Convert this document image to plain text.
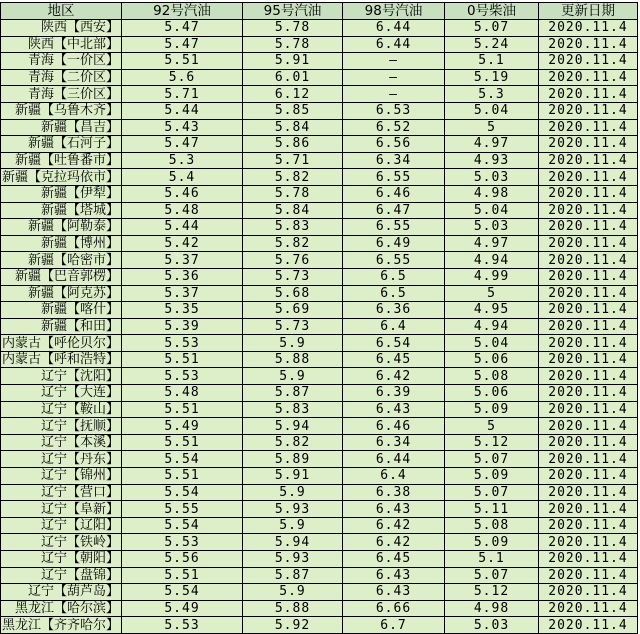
地区	92号汽油	95号汽油	98号汽油	0号柴油	更新日期
陕西【西安】	5.47	5.78	6.44	5.07	2020.11.4
陕西【中北部】	5.47	5.78	6.44	5.24	2020.11.4
青海【一价区】	5.51	5.91	—	5.1	2020.11.4
青海【二价区】	5.6	6.01	—	5.19	2020.11.4
青海【三价区】	5.71	6.12	—	5.3	2020.11.4
新疆【乌鲁木齐】	5.44	5.85	6.53	5.04	2020.11.4
新疆【昌吉】	5.43	5.84	6.52	5	2020.11.4
新疆【石河子】	5.47	5.86	6.56	4.97	2020.11.4
新疆【吐鲁番市】	5.3	5.71	6.34	4.93	2020.11.4
新疆【克拉玛依市】	5.4	5.82	6.55	5.03	2020.11.4
新疆【伊犁】	5.46	5.78	6.46	4.98	2020.11.4
新疆【塔城】	5.48	5.84	6.47	5.04	2020.11.4
新疆【阿勒泰】	5.44	5.83	6.55	5.03	2020.11.4
新疆【博州】	5.42	5.82	6.49	4.97	2020.11.4
新疆【哈密市】	5.37	5.76	6.55	4.94	2020.11.4
新疆【巴音郭楞】	5.36	5.73	6.5	4.99	2020.11.4
新疆【阿克苏】	5.37	5.68	6.5	5	2020.11.4
新疆【喀什】	5.35	5.69	6.36	4.95	2020.11.4
新疆【和田】	5.39	5.73	6.4	4.94	2020.11.4
内蒙古【呼伦贝尔】	5.53	5.9	6.54	5.04	2020.11.4
内蒙古【呼和浩特】	5.51	5.88	6.45	5.06	2020.11.4
辽宁【沈阳】	5.53	5.9	6.42	5.08	2020.11.4
辽宁【大连】	5.48	5.87	6.39	5.06	2020.11.4
辽宁【鞍山】	5.51	5.83	6.43	5.09	2020.11.4
辽宁【抚顺】	5.49	5.94	6.46	5	2020.11.4
辽宁【本溪】	5.51	5.82	6.34	5.12	2020.11.4
辽宁【丹东】	5.54	5.89	6.44	5.07	2020.11.4
辽宁【锦州】	5.51	5.91	6.4	5.09	2020.11.4
辽宁【营口】	5.54	5.9	6.38	5.07	2020.11.4
辽宁【阜新】	5.55	5.93	6.43	5.11	2020.11.4
辽宁【辽阳】	5.54	5.9	6.42	5.08	2020.11.4
辽宁【铁岭】	5.53	5.94	6.42	5.09	2020.11.4
辽宁【朝阳】	5.56	5.93	6.45	5.1	2020.11.4
辽宁【盘锦】	5.51	5.87	6.43	5.07	2020.11.4
辽宁【葫芦岛】	5.54	5.9	6.43	5.12	2020.11.4
黑龙江【哈尔滨】	5.49	5.88	6.66	4.98	2020.11.4
黑龙江【齐齐哈尔】	5.53	5.92	6.7	5.03	2020.11.4
